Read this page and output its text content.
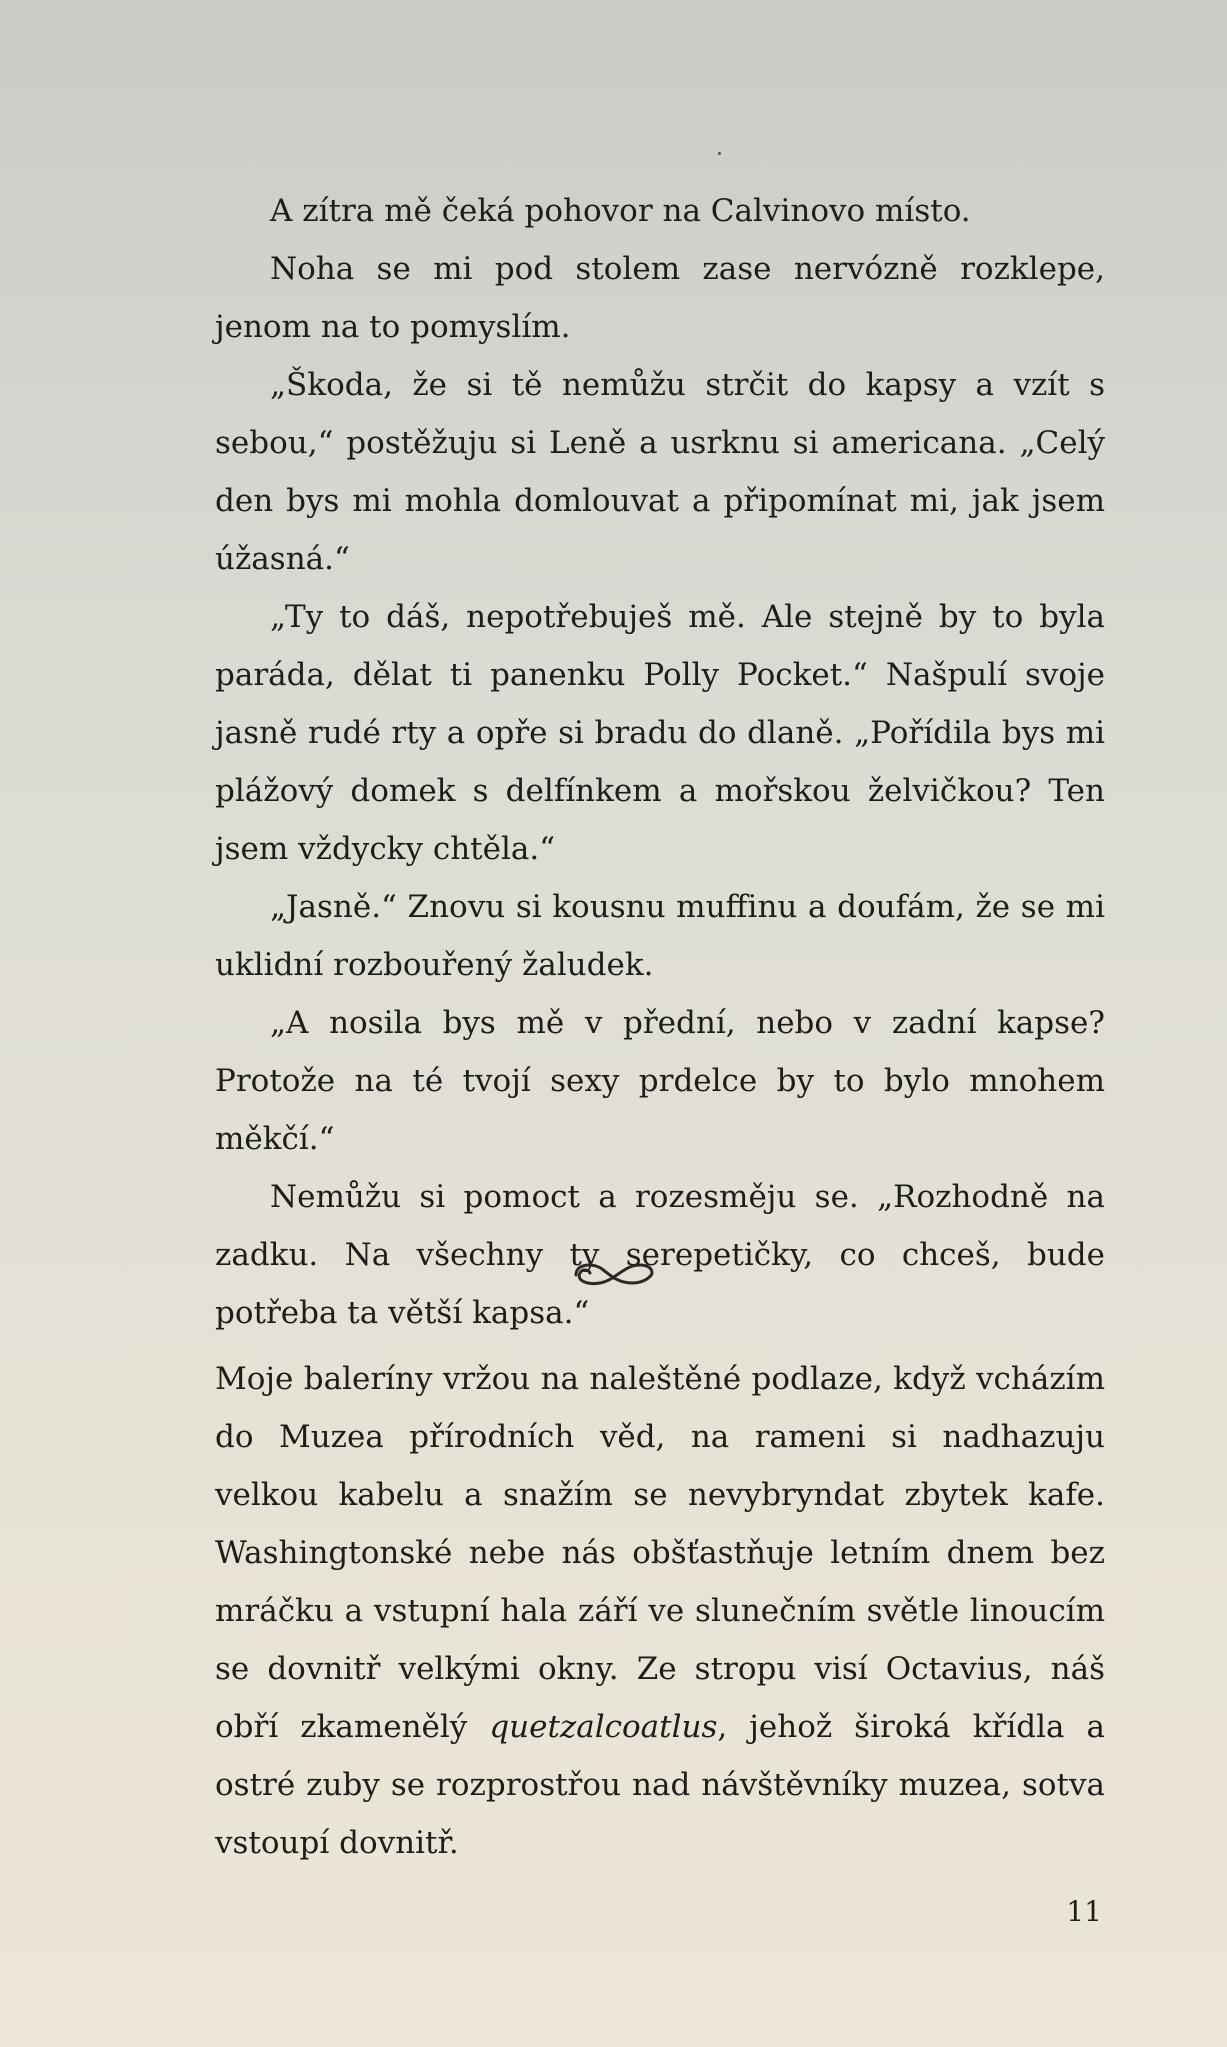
A zítra mě čeká pohovor na Calvinovo místo.

Noha se mi pod stolem zase nervózně rozklepe, jenom na to pomyslím.

„Škoda, že si tě nemůžu strčit do kapsy a vzít s sebou,“ postěžuju si Leně a usrknu si americana. „Celý den bys mi mohla domlouvat a připomínat mi, jak jsem úžasná.“

„Ty to dáš, nepotřebuješ mě. Ale stejně by to byla paráda, dělat ti panenku Polly Pocket.“ Našpulí svoje jasně rudé rty a opře si bradu do dlaně. „Pořídila bys mi plážový domek s delfínkem a mořskou želvičkou? Ten jsem vždycky chtěla.“

„Jasně.“ Znovu si kousnu muffinu a doufám, že se mi uklidní rozbouřený žaludek.

„A nosila bys mě v přední, nebo v zadní kapse? Protože na té tvojí sexy prdelce by to bylo mnohem měkčí.“

Nemůžu si pomoct a rozesměju se. „Rozhodně na zadku. Na všechny ty serepetičky, co chceš, bude potřeba ta větší kapsa.“

Moje baleríny vržou na naleštěné podlaze, když vcházím do Muzea přírodních věd, na rameni si nadhazuju velkou kabelu a snažím se nevybryndat zbytek kafe. Washingtonské nebe nás obšťastňuje letním dnem bez mráčku a vstupní hala září ve slunečním světle linoucím se dovnitř velkými okny. Ze stropu visí Octavius, náš obří zkamenělý quetzalcoatlus, jehož široká křídla a ostré zuby se rozprostřou nad návštěvníky muzea, sotva vstoupí dovnitř.

11
